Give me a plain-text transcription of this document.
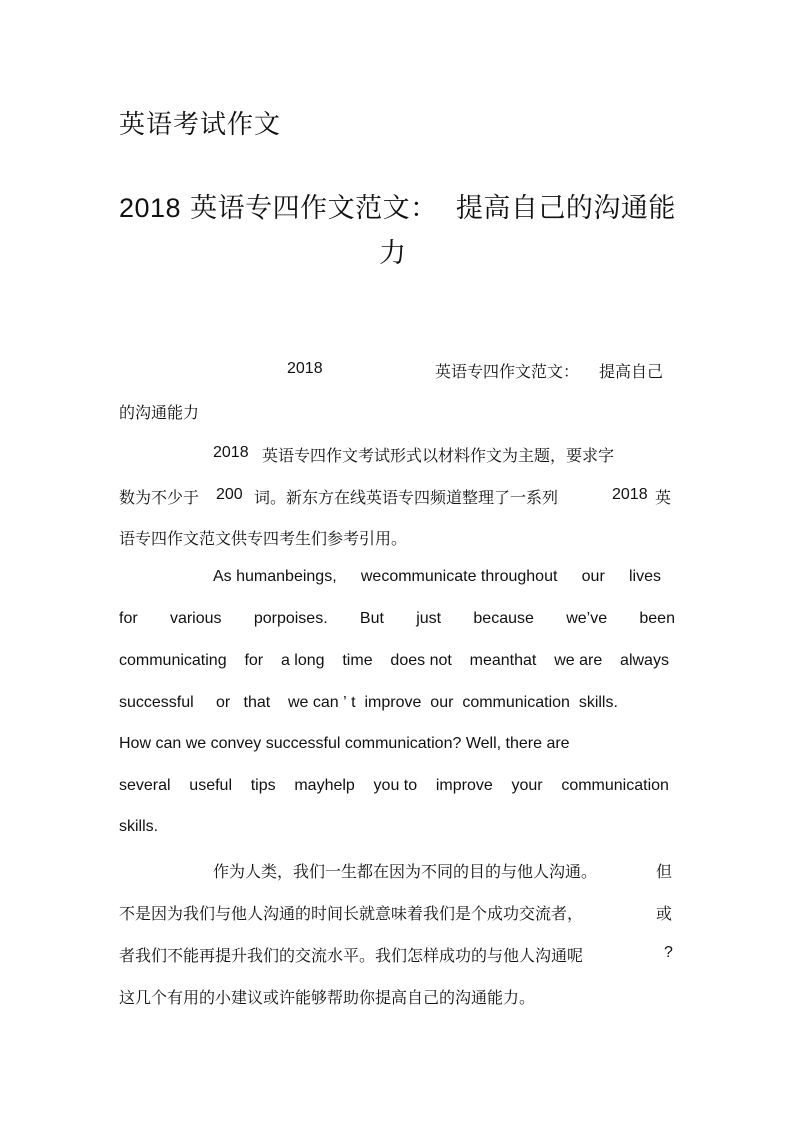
英语考试作文
2018 英语专四作文范文：  提高自己的沟通能
力
2018	英语专四作文范文： 提高自己
的沟通能力
2018 英语专四作文考试形式以材料作文为主题，要求字
数为不少于 200 词。新东方在线英语专四频道整理了一系列	2018 英
语专四作文范文供专四考生们参考引用。
As humanbeings, wecommunicate throughout our lives
for various porpoises. But just because we’ve been
communicating for a long time does not meanthat we are always
successful or that we can ’ t improve our communication skills.
How can we convey successful communication? Well, there are
several useful tips mayhelp you to improve your communication
skills.
作为人类，我们一生都在因为不同的目的与他人沟通。	但
不是因为我们与他人沟通的时间长就意味着我们是个成功交流者，	或
者我们不能再提升我们的交流水平。我们怎样成功的与他人沟通呢	?
这几个有用的小建议或许能够帮助你提高自己的沟通能力。
